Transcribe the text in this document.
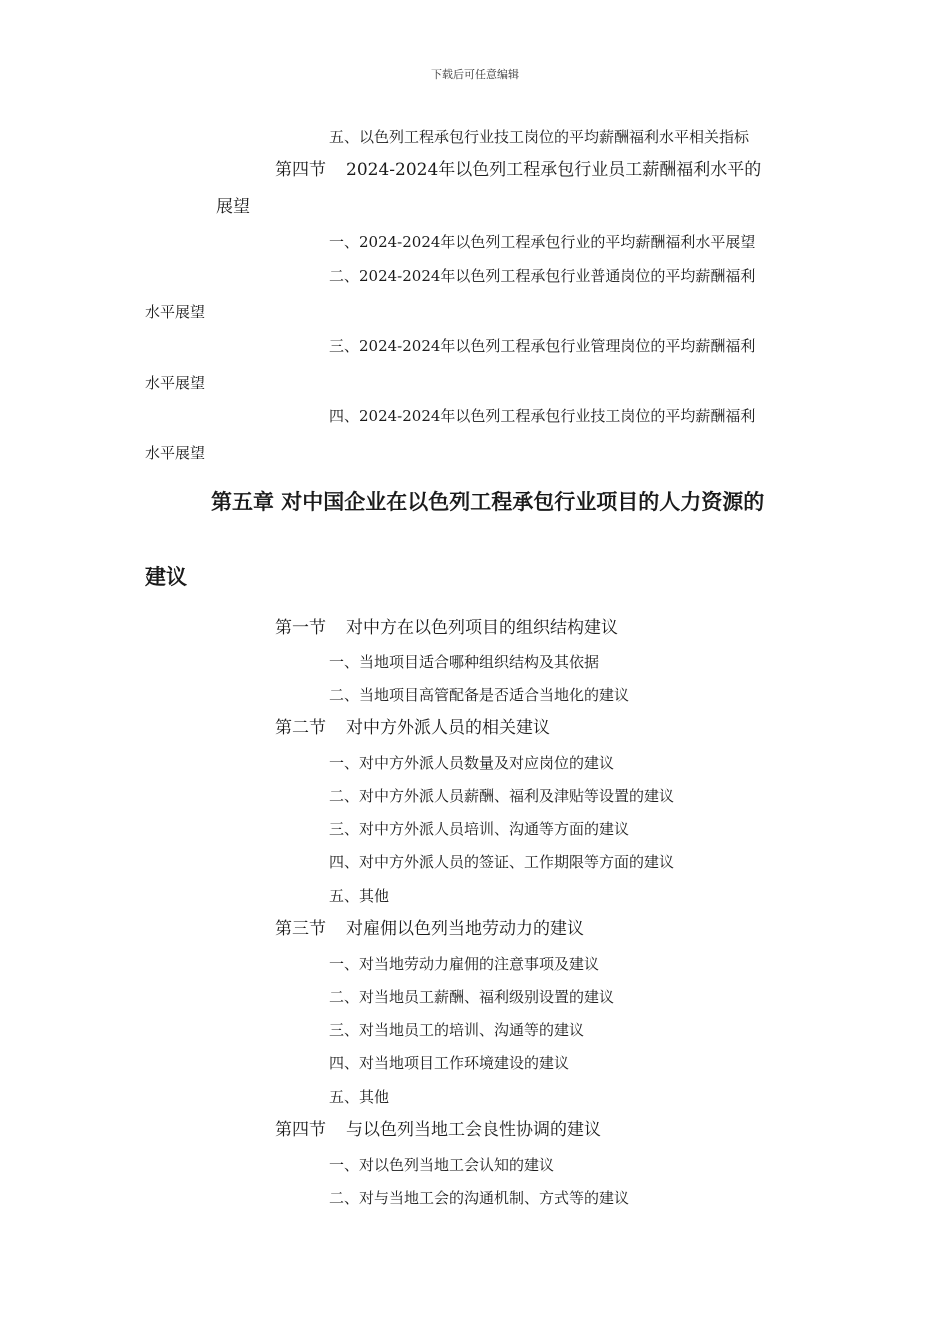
下载后可任意编辑
五、以色列工程承包行业技工岗位的平均薪酬福利水平相关指标
第四节 2024-2024年以色列工程承包行业员工薪酬福利水平的
展望
一、2024-2024年以色列工程承包行业的平均薪酬福利水平展望
二、2024-2024年以色列工程承包行业普通岗位的平均薪酬福利
水平展望
三、2024-2024年以色列工程承包行业管理岗位的平均薪酬福利
水平展望
四、2024-2024年以色列工程承包行业技工岗位的平均薪酬福利
水平展望
第五章 对中国企业在以色列工程承包行业项目的人力资源的
建议
第一节 对中方在以色列项目的组织结构建议
一、当地项目适合哪种组织结构及其依据
二、当地项目高管配备是否适合当地化的建议
第二节 对中方外派人员的相关建议
一、对中方外派人员数量及对应岗位的建议
二、对中方外派人员薪酬、福利及津贴等设置的建议
三、对中方外派人员培训、沟通等方面的建议
四、对中方外派人员的签证、工作期限等方面的建议
五、其他
第三节 对雇佣以色列当地劳动力的建议
一、对当地劳动力雇佣的注意事项及建议
二、对当地员工薪酬、福利级别设置的建议
三、对当地员工的培训、沟通等的建议
四、对当地项目工作环境建设的建议
五、其他
第四节 与以色列当地工会良性协调的建议
一、对以色列当地工会认知的建议
二、对与当地工会的沟通机制、方式等的建议
